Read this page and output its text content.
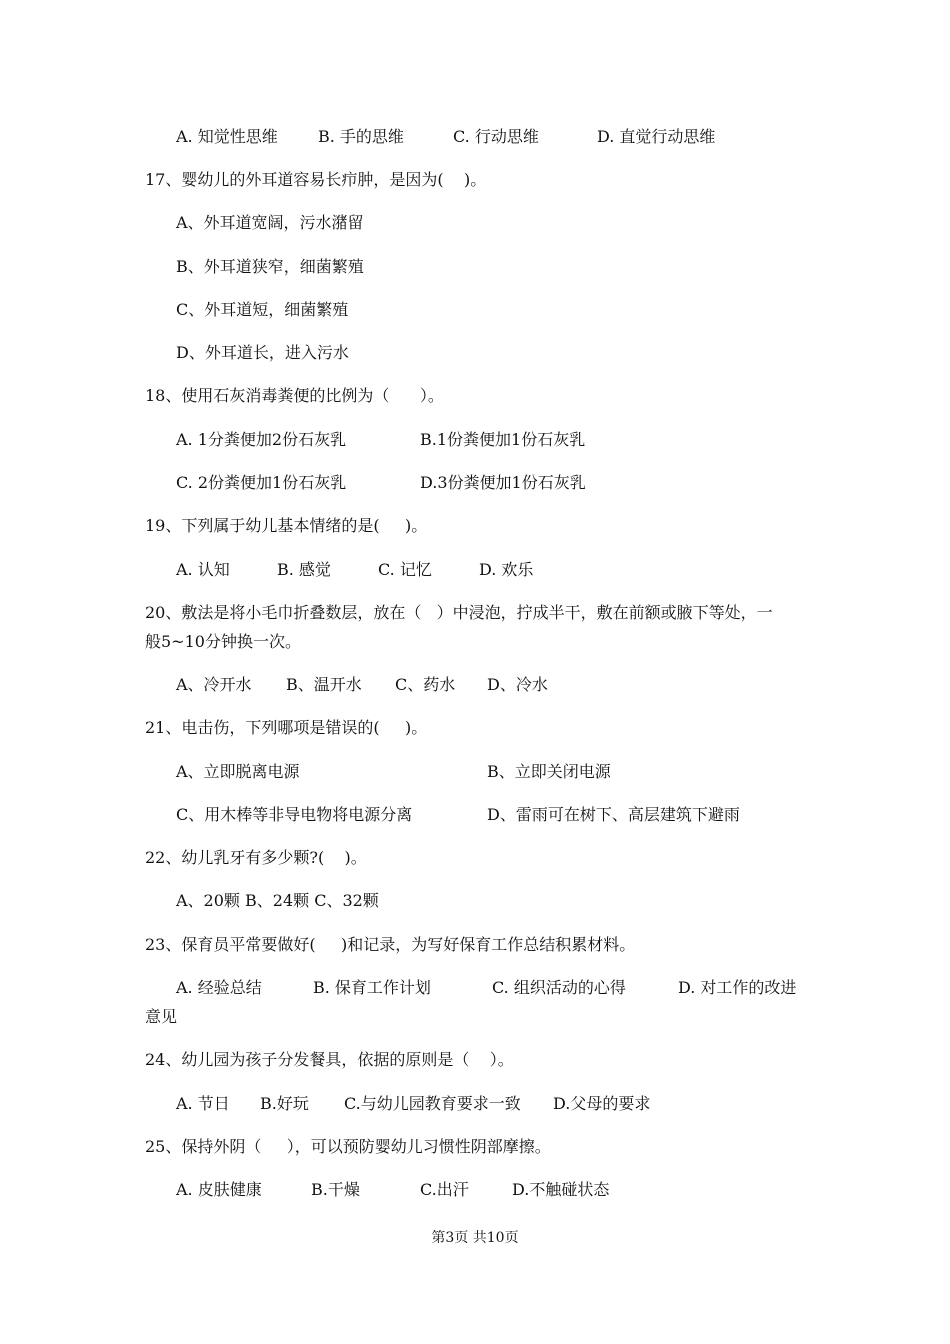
A. 知觉性思维	B. 手的思维	C. 行动思维	D. 直觉行动思维
17、婴幼儿的外耳道容易长疖肿，是因为(    )。
A、外耳道宽阔，污水潴留
B、外耳道狭窄，细菌繁殖
C、外耳道短，细菌繁殖
D、外耳道长，进入污水
18、使用石灰消毒粪便的比例为（      ）。
A. 1分粪便加2份石灰乳	B.1份粪便加1份石灰乳
C. 2份粪便加1份石灰乳	D.3份粪便加1份石灰乳
19、下列属于幼儿基本情绪的是(     )。
A. 认知	B. 感觉	C. 记忆	D. 欢乐
20、敷法是将小毛巾折叠数层，放在（   ）中浸泡，拧成半干，敷在前额或腋下等处，一
般5~10分钟换一次。
A、冷开水 B、温开水 C、药水 D、冷水
21、电击伤，下列哪项是错误的(     )。
A、立即脱离电源	B、立即关闭电源
C、用木棒等非导电物将电源分离	D、雷雨可在树下、高层建筑下避雨
22、幼儿乳牙有多少颗?(    )。
A、20颗 B、24颗 C、32颗
23、保育员平常要做好(     )和记录，为写好保育工作总结积累材料。
A. 经验总结	B. 保育工作计划	C. 组织活动的心得	D. 对工作的改进
意见
24、幼儿园为孩子分发餐具，依据的原则是（    ）。
A. 节日 B.好玩 C.与幼儿园教育要求一致 D.父母的要求
25、保持外阴（     ），可以预防婴幼儿习惯性阴部摩擦。
A. 皮肤健康	B.干燥	C.出汗	D.不触碰状态
第3页 共10页
